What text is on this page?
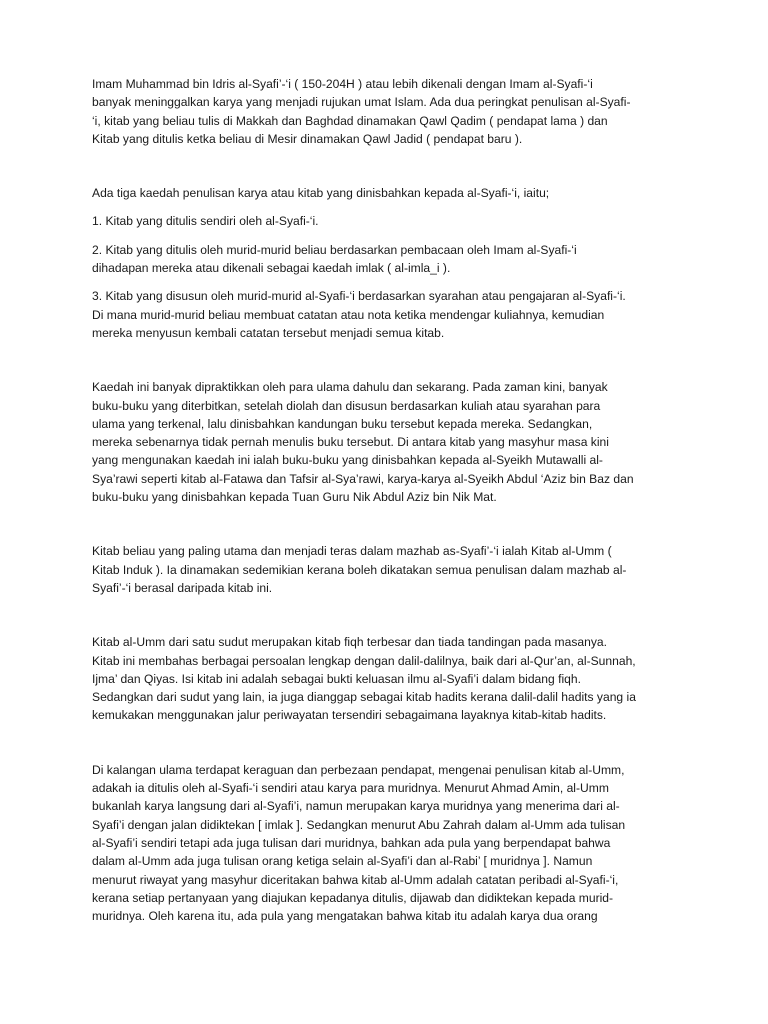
Imam Muhammad bin Idris al-Syafi’-‘i ( 150-204H ) atau lebih dikenali dengan Imam al-Syafi-‘i
banyak meninggalkan karya yang menjadi rujukan umat Islam. Ada dua peringkat penulisan al-Syafi-
‘i, kitab yang beliau tulis di Makkah dan Baghdad dinamakan Qawl Qadim ( pendapat lama ) dan
Kitab yang ditulis ketka beliau di Mesir dinamakan Qawl Jadid ( pendapat baru ).

Ada tiga kaedah penulisan karya atau kitab yang dinisbahkan kepada al-Syafi-‘i, iaitu;

1. Kitab yang ditulis sendiri oleh al-Syafi-‘i.

2. Kitab yang ditulis oleh murid-murid beliau berdasarkan pembacaan oleh Imam al-Syafi-‘i
dihadapan mereka atau dikenali sebagai kaedah imlak ( al-imla_i ).

3. Kitab yang disusun oleh murid-murid al-Syafi-‘i berdasarkan syarahan atau pengajaran al-Syafi-‘i.
Di mana murid-murid beliau membuat catatan atau nota ketika mendengar kuliahnya, kemudian
mereka menyusun kembali catatan tersebut menjadi semua kitab.

Kaedah ini banyak dipraktikkan oleh para ulama dahulu dan sekarang. Pada zaman kini, banyak
buku-buku yang diterbitkan, setelah diolah dan disusun berdasarkan kuliah atau syarahan para
ulama yang terkenal, lalu dinisbahkan kandungan buku tersebut kepada mereka. Sedangkan,
mereka sebenarnya tidak pernah menulis buku tersebut. Di antara kitab yang masyhur masa kini
yang mengunakan kaedah ini ialah buku-buku yang dinisbahkan kepada al-Syeikh Mutawalli al-
Sya’rawi seperti kitab al-Fatawa dan Tafsir al-Sya’rawi, karya-karya al-Syeikh Abdul ‘Aziz bin Baz dan
buku-buku yang dinisbahkan kepada Tuan Guru Nik Abdul Aziz bin Nik Mat.

Kitab beliau yang paling utama dan menjadi teras dalam mazhab as-Syafi’-‘i ialah Kitab al-Umm (
Kitab Induk ). Ia dinamakan sedemikian kerana boleh dikatakan semua penulisan dalam mazhab al-
Syafi’-‘i berasal daripada kitab ini.

Kitab al-Umm dari satu sudut merupakan kitab fiqh terbesar dan tiada tandingan pada masanya.
Kitab ini membahas berbagai persoalan lengkap dengan dalil-dalilnya, baik dari al-Qur’an, al-Sunnah,
Ijma’ dan Qiyas. Isi kitab ini adalah sebagai bukti keluasan ilmu al-Syafi’i dalam bidang fiqh.
Sedangkan dari sudut yang lain, ia juga dianggap sebagai kitab hadits kerana dalil-dalil hadits yang ia
kemukakan menggunakan jalur periwayatan tersendiri sebagaimana layaknya kitab-kitab hadits.

Di kalangan ulama terdapat keraguan dan perbezaan pendapat, mengenai penulisan kitab al-Umm,
adakah ia ditulis oleh al-Syafi-‘i sendiri atau karya para muridnya. Menurut Ahmad Amin, al-Umm
bukanlah karya langsung dari al-Syafi’i, namun merupakan karya muridnya yang menerima dari al-
Syafi’i dengan jalan didiktekan [ imlak ]. Sedangkan menurut Abu Zahrah dalam al-Umm ada tulisan
al-Syafi’i sendiri tetapi ada juga tulisan dari muridnya, bahkan ada pula yang berpendapat bahwa
dalam al-Umm ada juga tulisan orang ketiga selain al-Syafi’i dan al-Rabi’ [ muridnya ]. Namun
menurut riwayat yang masyhur diceritakan bahwa kitab al-Umm adalah catatan peribadi al-Syafi-‘i,
kerana setiap pertanyaan yang diajukan kepadanya ditulis, dijawab dan didiktekan kepada murid-
muridnya. Oleh karena itu, ada pula yang mengatakan bahwa kitab itu adalah karya dua orang
